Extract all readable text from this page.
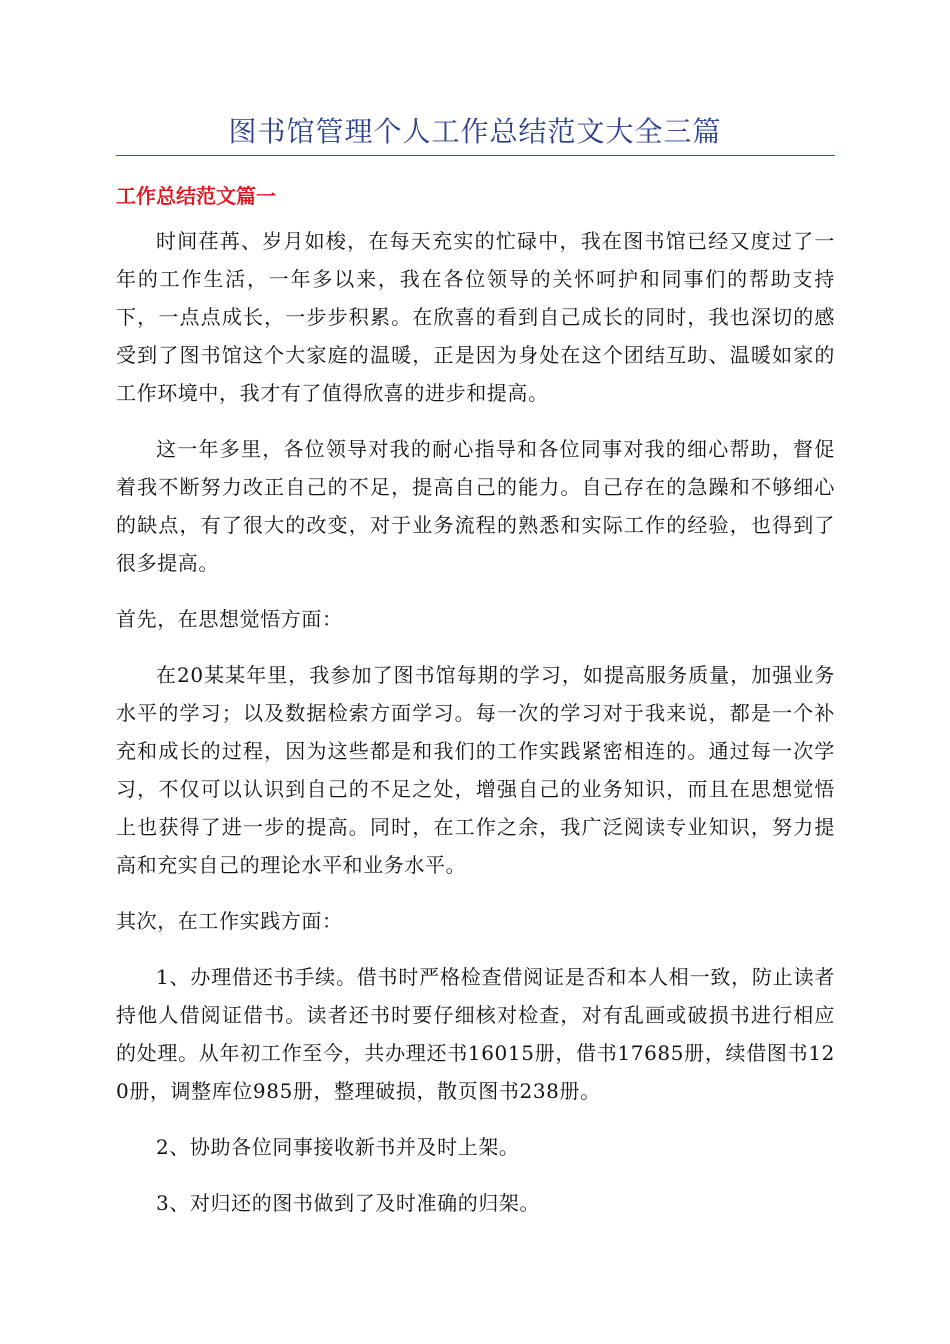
图书馆管理个人工作总结范文大全三篇
工作总结范文篇一

时间荏苒、岁月如梭，在每天充实的忙碌中，我在图书馆已经又度过了一年的工作生活，一年多以来，我在各位领导的关怀呵护和同事们的帮助支持下，一点点成长，一步步积累。在欣喜的看到自己成长的同时，我也深切的感受到了图书馆这个大家庭的温暖，正是因为身处在这个团结互助、温暖如家的工作环境中，我才有了值得欣喜的进步和提高。

这一年多里，各位领导对我的耐心指导和各位同事对我的细心帮助，督促着我不断努力改正自己的不足，提高自己的能力。自己存在的急躁和不够细心的缺点，有了很大的改变，对于业务流程的熟悉和实际工作的经验，也得到了很多提高。

首先，在思想觉悟方面：

在20某某年里，我参加了图书馆每期的学习，如提高服务质量，加强业务水平的学习；以及数据检索方面学习。每一次的学习对于我来说，都是一个补充和成长的过程，因为这些都是和我们的工作实践紧密相连的。通过每一次学习，不仅可以认识到自己的不足之处，增强自己的业务知识，而且在思想觉悟上也获得了进一步的提高。同时，在工作之余，我广泛阅读专业知识，努力提高和充实自己的理论水平和业务水平。

其次，在工作实践方面：

1、办理借还书手续。借书时严格检查借阅证是否和本人相一致，防止读者持他人借阅证借书。读者还书时要仔细核对检查，对有乱画或破损书进行相应的处理。从年初工作至今，共办理还书16015册，借书17685册，续借图书120册，调整库位985册，整理破损，散页图书238册。

2、协助各位同事接收新书并及时上架。

3、对归还的图书做到了及时准确的归架。
